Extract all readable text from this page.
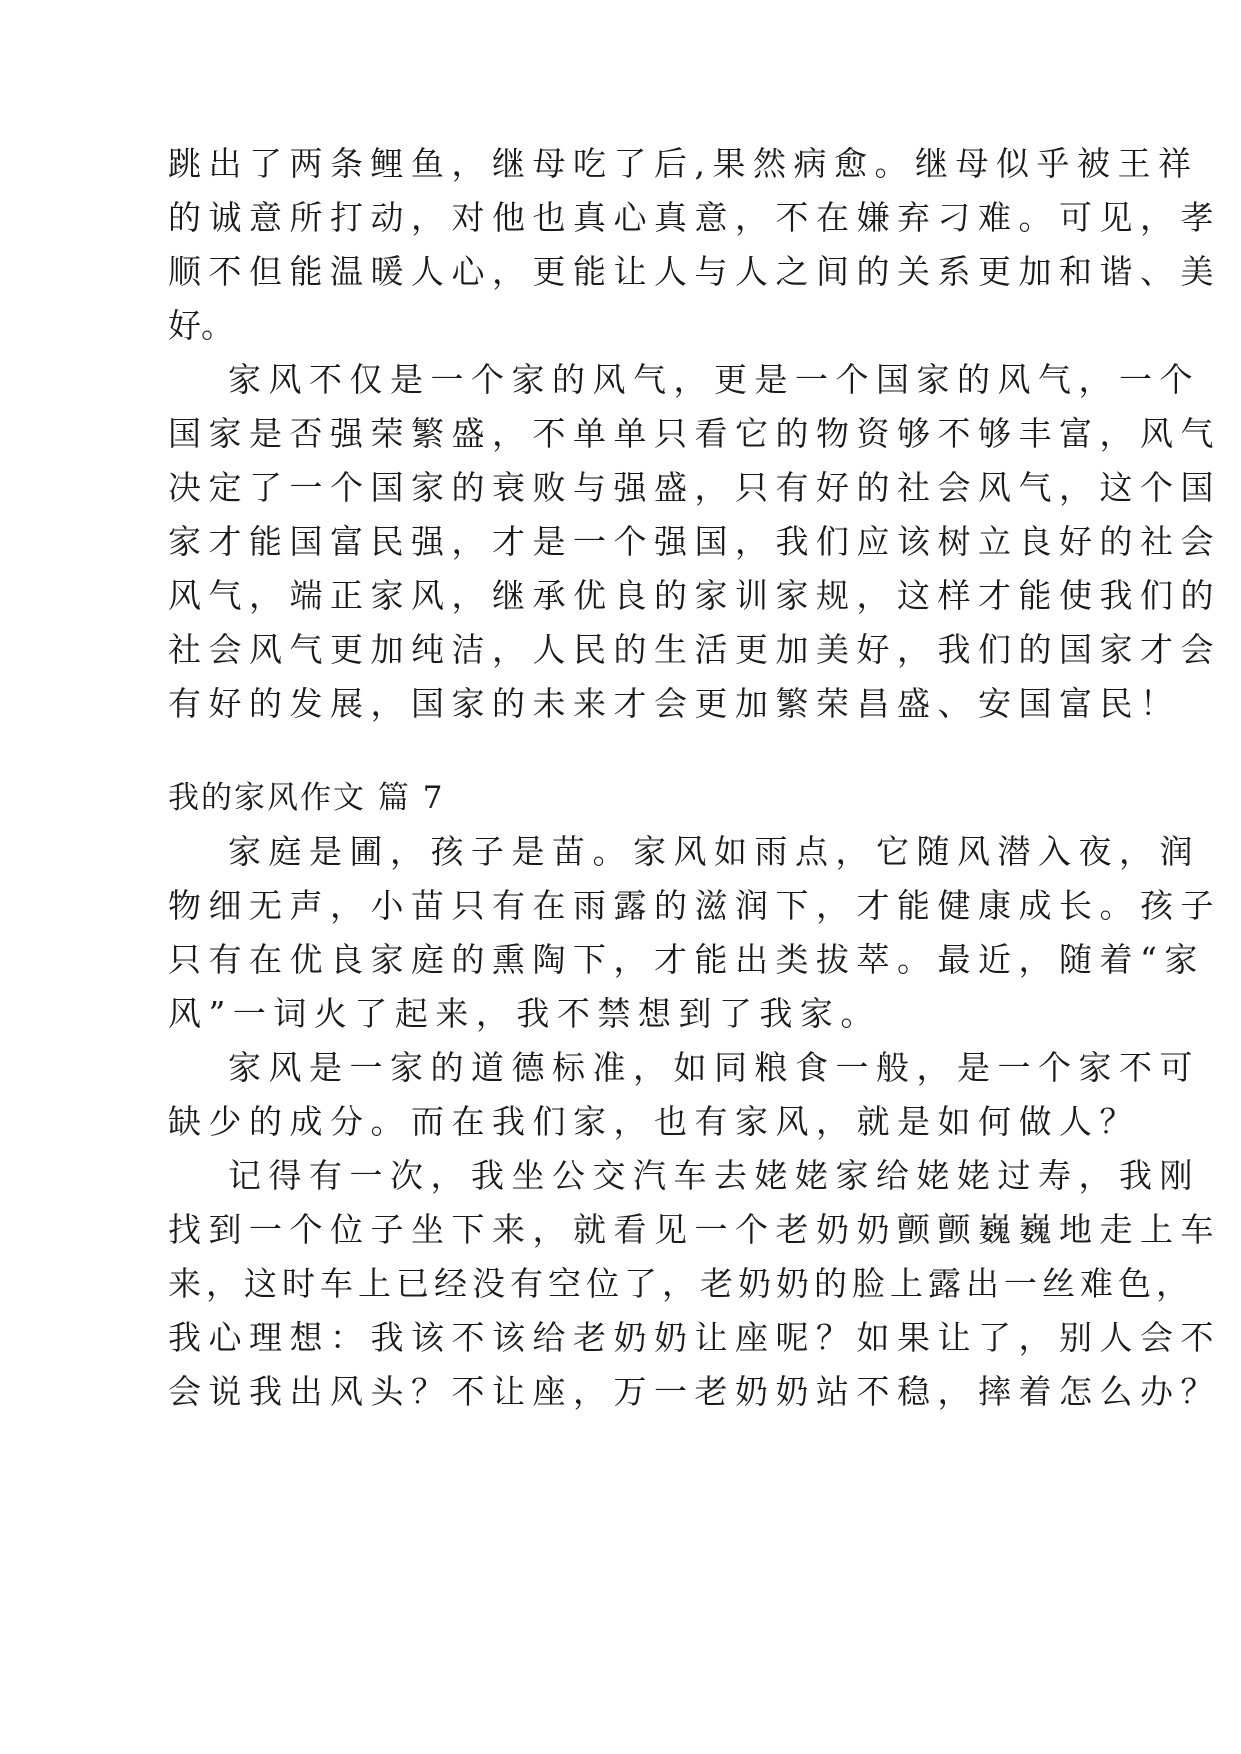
跳出了两条鲤鱼，继母吃了后,果然病愈。继母似乎被王祥
的诚意所打动，对他也真心真意，不在嫌弃刁难。可见，孝
顺不但能温暖人心，更能让人与人之间的关系更加和谐、美
好。
家风不仅是一个家的风气，更是一个国家的风气，一个
国家是否强荣繁盛，不单单只看它的物资够不够丰富，风气
决定了一个国家的衰败与强盛，只有好的社会风气，这个国
家才能国富民强，才是一个强国，我们应该树立良好的社会
风气，端正家风，继承优良的家训家规，这样才能使我们的
社会风气更加纯洁，人民的生活更加美好，我们的国家才会
有好的发展，国家的未来才会更加繁荣昌盛、安国富民！
我的家风作文 篇 7
家庭是圃，孩子是苗。家风如雨点，它随风潜入夜，润
物细无声，小苗只有在雨露的滋润下，才能健康成长。孩子
只有在优良家庭的熏陶下，才能出类拔萃。最近，随着“家
风”一词火了起来，我不禁想到了我家。
家风是一家的道德标准，如同粮食一般，是一个家不可
缺少的成分。而在我们家，也有家风，就是如何做人？
记得有一次，我坐公交汽车去姥姥家给姥姥过寿，我刚
找到一个位子坐下来，就看见一个老奶奶颤颤巍巍地走上车
来，这时车上已经没有空位了，老奶奶的脸上露出一丝难色，
我心理想：我该不该给老奶奶让座呢？如果让了，别人会不
会说我出风头？不让座，万一老奶奶站不稳，摔着怎么办？
